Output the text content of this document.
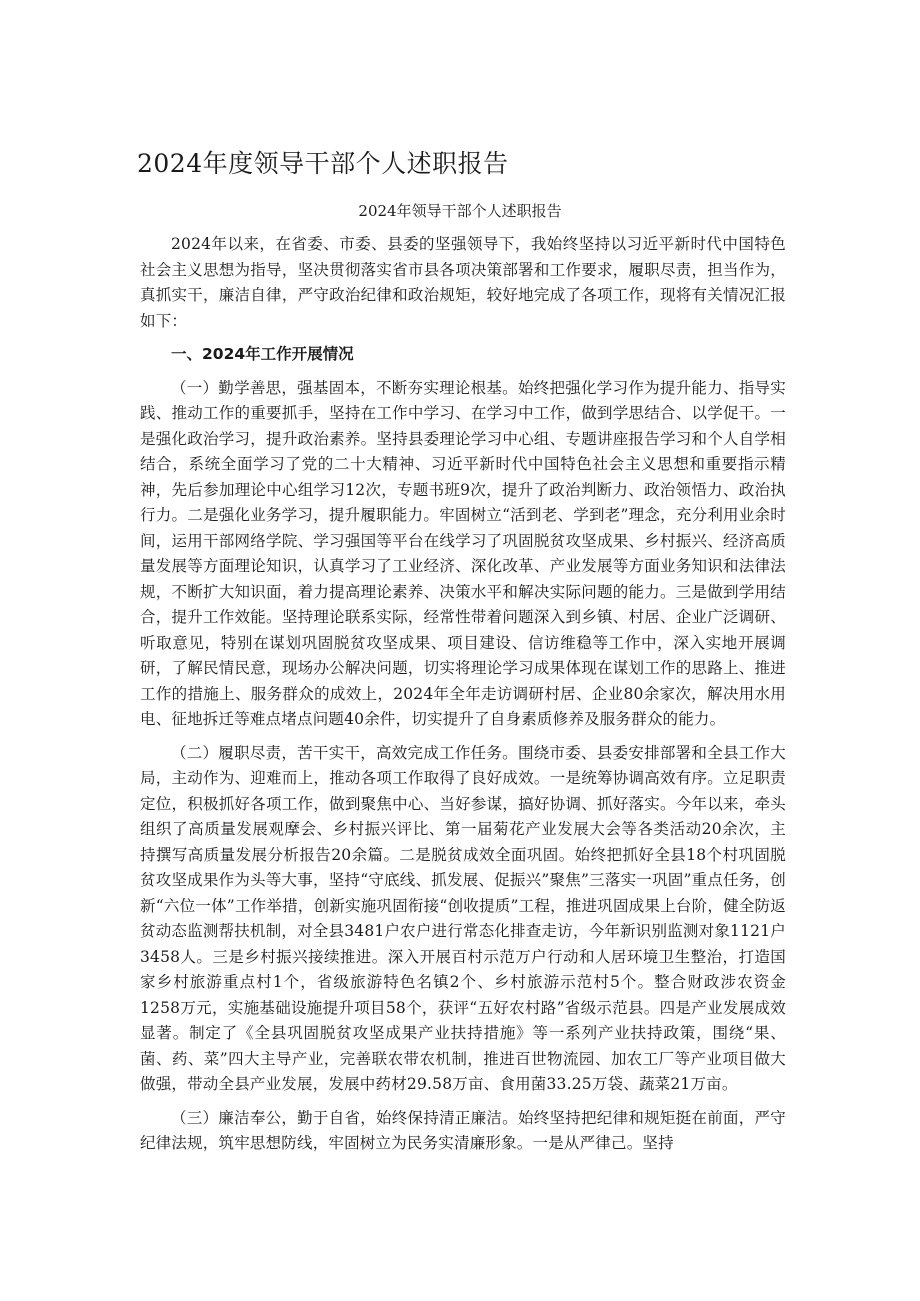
2024年度领导干部个人述职报告
2024年领导干部个人述职报告

2024年以来，在省委、市委、县委的坚强领导下，我始终坚持以习近平新时代中国特色社会主义思想为指导，坚决贯彻落实省市县各项决策部署和工作要求，履职尽责，担当作为，真抓实干，廉洁自律，严守政治纪律和政治规矩，较好地完成了各项工作，现将有关情况汇报如下：

一、2024年工作开展情况

（一）勤学善思，强基固本，不断夯实理论根基。始终把强化学习作为提升能力、指导实践、推动工作的重要抓手，坚持在工作中学习、在学习中工作，做到学思结合、以学促干。一是强化政治学习，提升政治素养。坚持县委理论学习中心组、专题讲座报告学习和个人自学相结合，系统全面学习了党的二十大精神、习近平新时代中国特色社会主义思想和重要指示精神，先后参加理论中心组学习12次，专题书班9次，提升了政治判断力、政治领悟力、政治执行力。二是强化业务学习，提升履职能力。牢固树立“活到老、学到老”理念，充分利用业余时间，运用干部网络学院、学习强国等平台在线学习了巩固脱贫攻坚成果、乡村振兴、经济高质量发展等方面理论知识，认真学习了工业经济、深化改革、产业发展等方面业务知识和法律法规，不断扩大知识面，着力提高理论素养、决策水平和解决实际问题的能力。三是做到学用结合，提升工作效能。坚持理论联系实际，经常性带着问题深入到乡镇、村居、企业广泛调研、听取意见，特别在谋划巩固脱贫攻坚成果、项目建设、信访维稳等工作中，深入实地开展调研，了解民情民意，现场办公解决问题，切实将理论学习成果体现在谋划工作的思路上、推进工作的措施上、服务群众的成效上，2024年全年走访调研村居、企业80余家次，解决用水用电、征地拆迁等难点堵点问题40余件，切实提升了自身素质修养及服务群众的能力。

（二）履职尽责，苦干实干，高效完成工作任务。围绕市委、县委安排部署和全县工作大局，主动作为、迎难而上，推动各项工作取得了良好成效。一是统筹协调高效有序。立足职责定位，积极抓好各项工作，做到聚焦中心、当好参谋，搞好协调、抓好落实。今年以来，牵头组织了高质量发展观摩会、乡村振兴评比、第一届菊花产业发展大会等各类活动20余次，主持撰写高质量发展分析报告20余篇。二是脱贫成效全面巩固。始终把抓好全县18个村巩固脱贫攻坚成果作为头等大事，坚持“守底线、抓发展、促振兴”聚焦”三落实一巩固”重点任务，创新“六位一体”工作举措，创新实施巩固衔接“创收提质”工程，推进巩固成果上台阶，健全防返贫动态监测帮扶机制，对全县3481户农户进行常态化排查走访，今年新识别监测对象1121户3458人。三是乡村振兴接续推进。深入开展百村示范万户行动和人居环境卫生整治，打造国家乡村旅游重点村1个，省级旅游特色名镇2个、乡村旅游示范村5个。整合财政涉农资金1258万元，实施基础设施提升项目58个，获评“五好农村路”省级示范县。四是产业发展成效显著。制定了《全县巩固脱贫攻坚成果产业扶持措施》等一系列产业扶持政策，围绕“果、菌、药、菜”四大主导产业，完善联农带农机制，推进百世物流园、加农工厂等产业项目做大做强，带动全县产业发展，发展中药材29.58万亩、食用菌33.25万袋、蔬菜21万亩。

（三）廉洁奉公，勤于自省，始终保持清正廉洁。始终坚持把纪律和规矩挺在前面，严守纪律法规，筑牢思想防线，牢固树立为民务实清廉形象。一是从严律己。坚持
